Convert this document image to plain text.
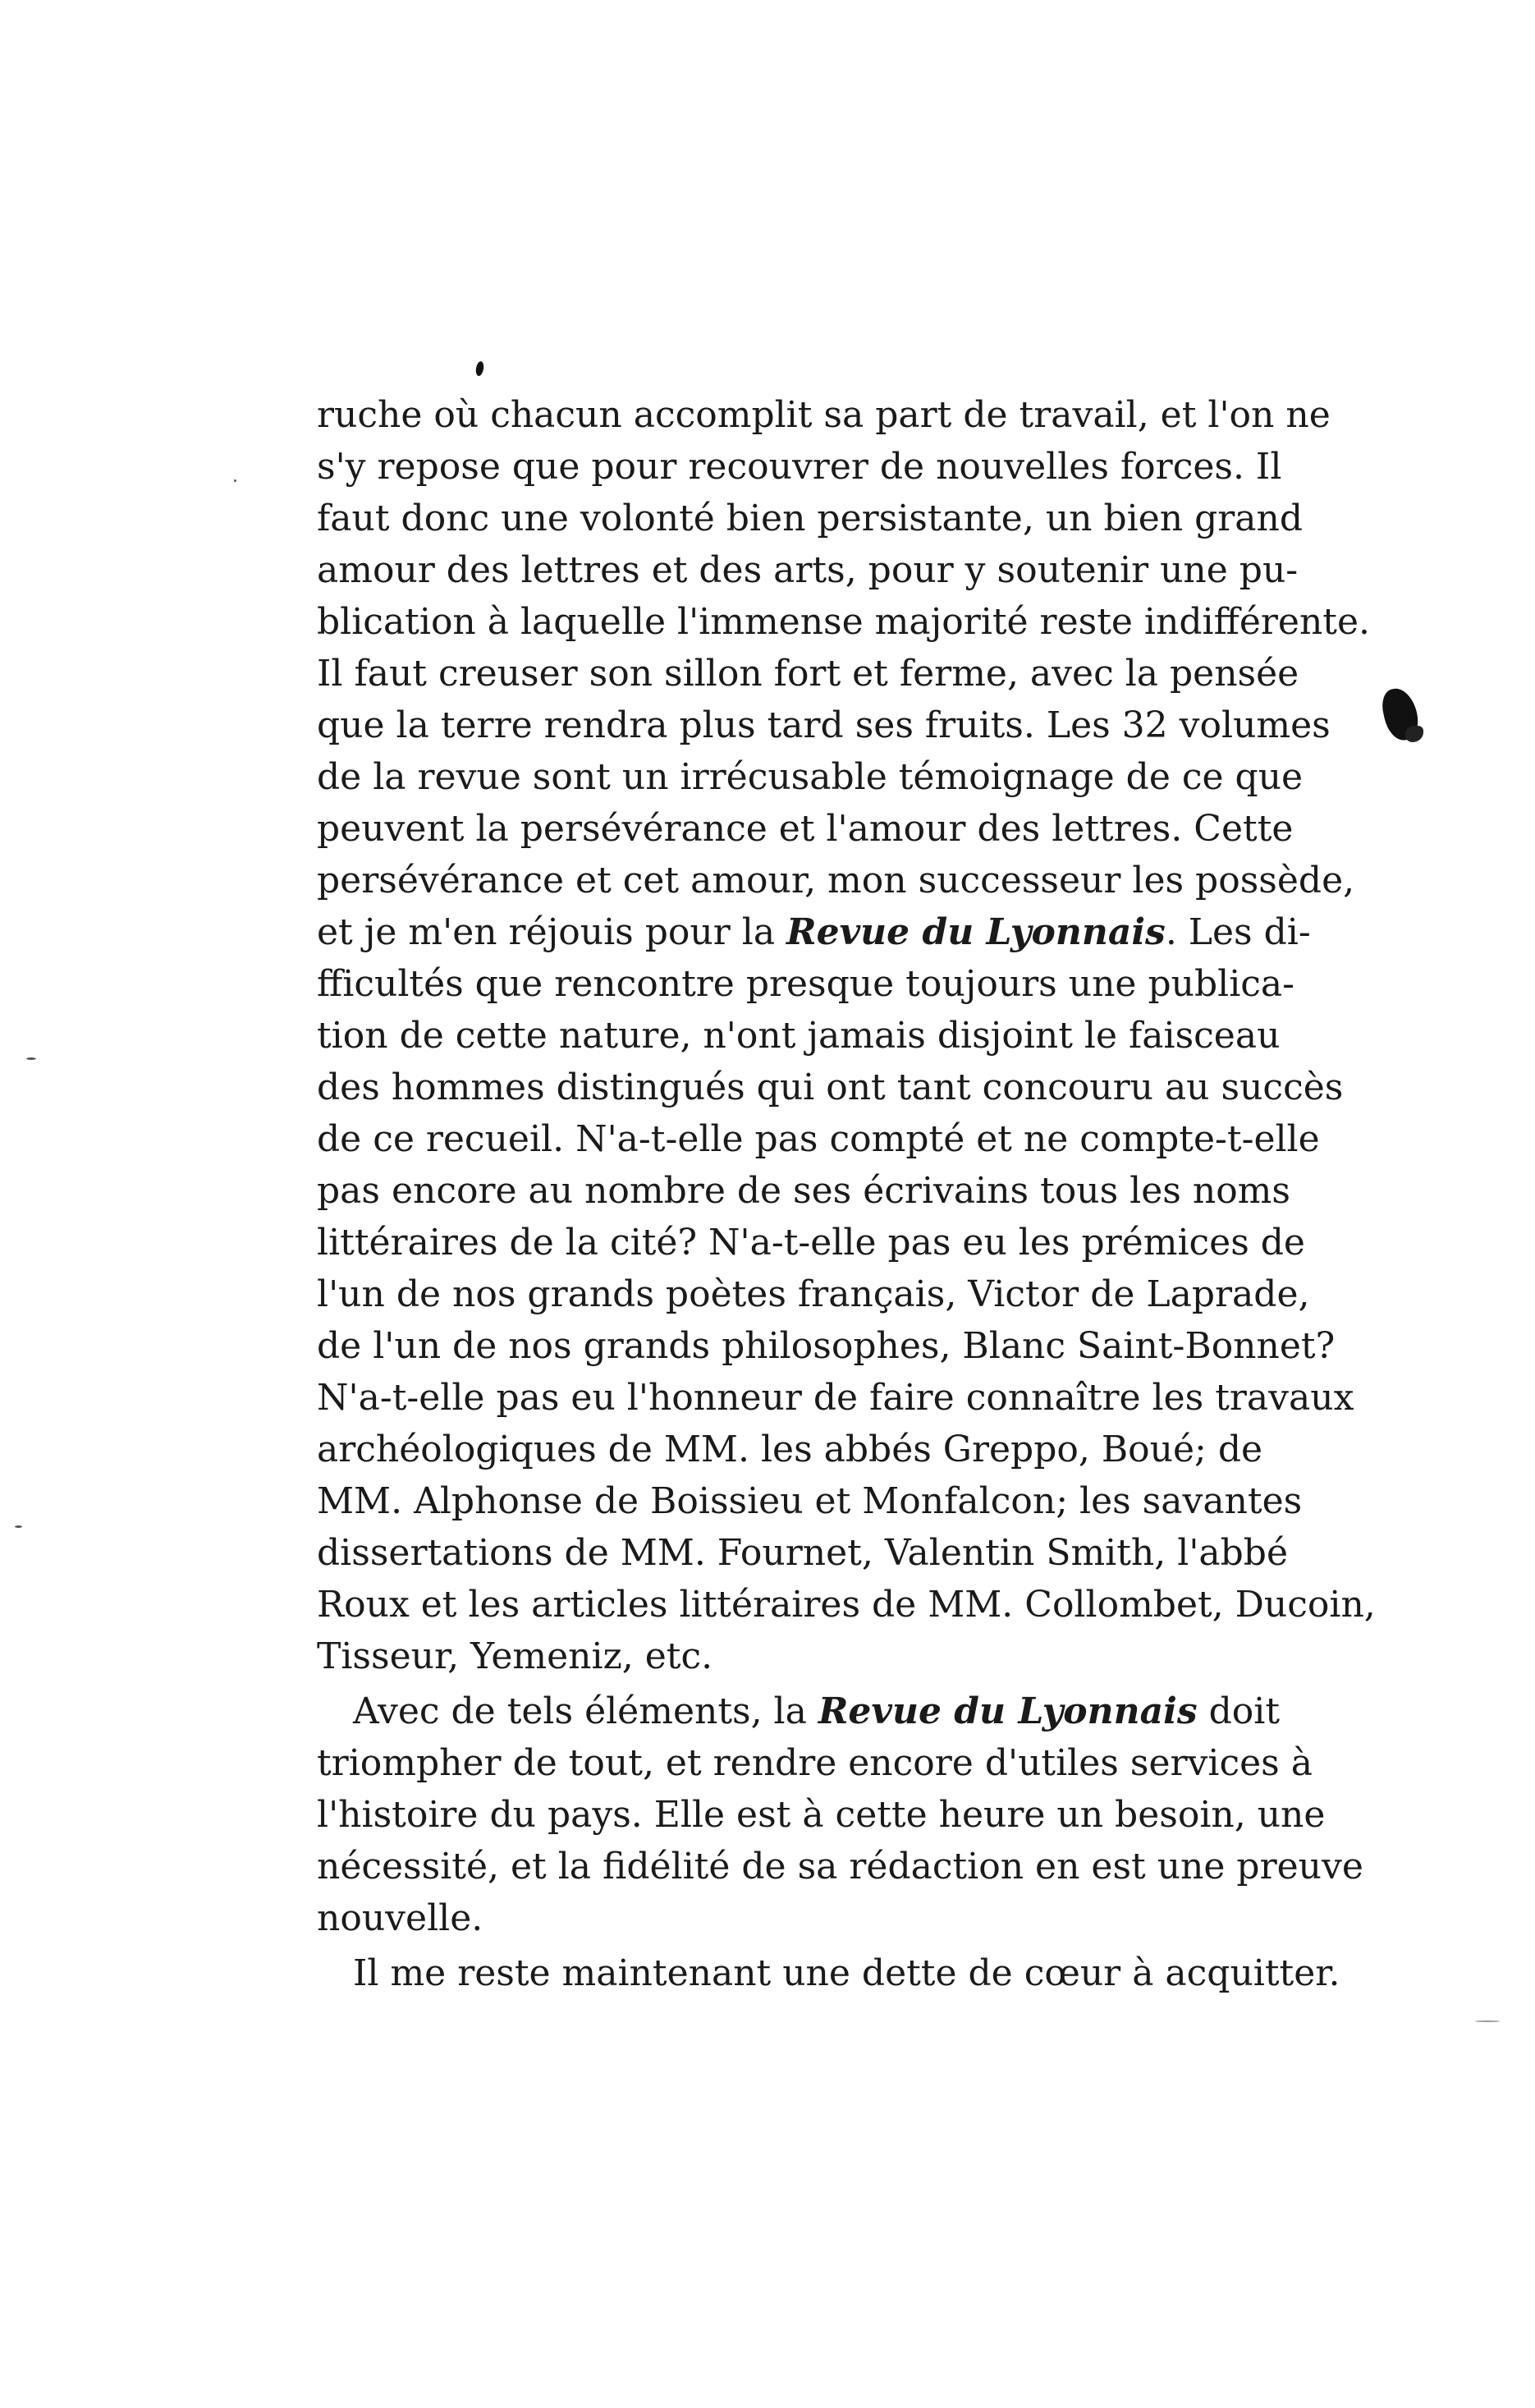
ruche où chacun accomplit sa part de travail, et l'on ne
s'y repose que pour recouvrer de nouvelles forces. Il
faut donc une volonté bien persistante, un bien grand
amour des lettres et des arts, pour y soutenir une pu-
blication à laquelle l'immense majorité reste indifférente.
Il faut creuser son sillon fort et ferme, avec la pensée
que la terre rendra plus tard ses fruits. Les 32 volumes
de la revue sont un irrécusable témoignage de ce que
peuvent la persévérance et l'amour des lettres. Cette
persévérance et cet amour, mon successeur les possède,
et je m'en réjouis pour la Revue du Lyonnais. Les di-
fficultés que rencontre presque toujours une publica-
tion de cette nature, n'ont jamais disjoint le faisceau
des hommes distingués qui ont tant concouru au succès
de ce recueil. N'a-t-elle pas compté et ne compte-t-elle
pas encore au nombre de ses écrivains tous les noms
littéraires de la cité? N'a-t-elle pas eu les prémices de
l'un de nos grands poètes français, Victor de Laprade,
de l'un de nos grands philosophes, Blanc Saint-Bonnet?
N'a-t-elle pas eu l'honneur de faire connaître les travaux
archéologiques de MM. les abbés Greppo, Boué; de
MM. Alphonse de Boissieu et Monfalcon; les savantes
dissertations de MM. Fournet, Valentin Smith, l'abbé
Roux et les articles littéraires de MM. Collombet, Ducoin,
Tisseur, Yemeniz, etc.
Avec de tels éléments, la Revue du Lyonnais doit
triompher de tout, et rendre encore d'utiles services à
l'histoire du pays. Elle est à cette heure un besoin, une
nécessité, et la fidélité de sa rédaction en est une preuve
nouvelle.
Il me reste maintenant une dette de cœur à acquitter.
